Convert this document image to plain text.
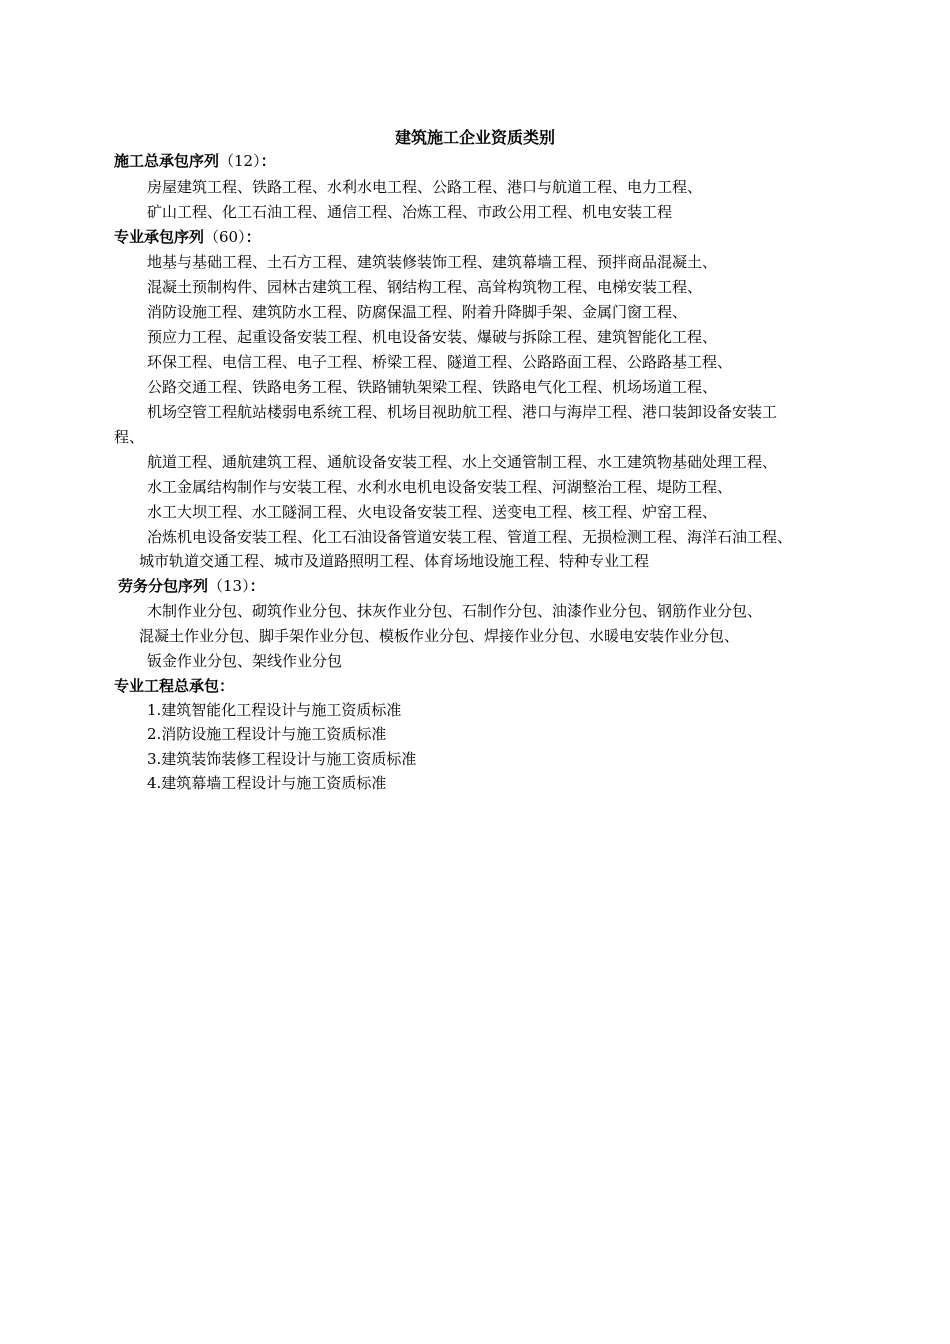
建筑施工企业资质类别
施工总承包序列（12）：
房屋建筑工程、铁路工程、水利水电工程、公路工程、港口与航道工程、电力工程、
矿山工程、化工石油工程、通信工程、冶炼工程、市政公用工程、机电安装工程
专业承包序列（60）：
地基与基础工程、土石方工程、建筑装修装饰工程、建筑幕墙工程、预拌商品混凝土、
混凝土预制构件、园林古建筑工程、钢结构工程、高耸构筑物工程、电梯安装工程、
消防设施工程、建筑防水工程、防腐保温工程、附着升降脚手架、金属门窗工程、
预应力工程、起重设备安装工程、机电设备安装、爆破与拆除工程、建筑智能化工程、
环保工程、电信工程、电子工程、桥梁工程、隧道工程、公路路面工程、公路路基工程、
公路交通工程、铁路电务工程、铁路铺轨架梁工程、铁路电气化工程、机场场道工程、
机场空管工程航站楼弱电系统工程、机场目视助航工程、港口与海岸工程、港口装卸设备安装工
程、
航道工程、通航建筑工程、通航设备安装工程、水上交通管制工程、水工建筑物基础处理工程、
水工金属结构制作与安装工程、水利水电机电设备安装工程、河湖整治工程、堤防工程、
水工大坝工程、水工隧洞工程、火电设备安装工程、送变电工程、核工程、炉窑工程、
冶炼机电设备安装工程、化工石油设备管道安装工程、管道工程、无损检测工程、海洋石油工程、
城市轨道交通工程、城市及道路照明工程、体育场地设施工程、特种专业工程
劳务分包序列（13）：
木制作业分包、砌筑作业分包、抹灰作业分包、石制作分包、油漆作业分包、钢筋作业分包、
混凝土作业分包、脚手架作业分包、模板作业分包、焊接作业分包、水暖电安装作业分包、
钣金作业分包、架线作业分包
专业工程总承包：
1.建筑智能化工程设计与施工资质标准
2.消防设施工程设计与施工资质标准
3.建筑装饰装修工程设计与施工资质标准
4.建筑幕墙工程设计与施工资质标准
